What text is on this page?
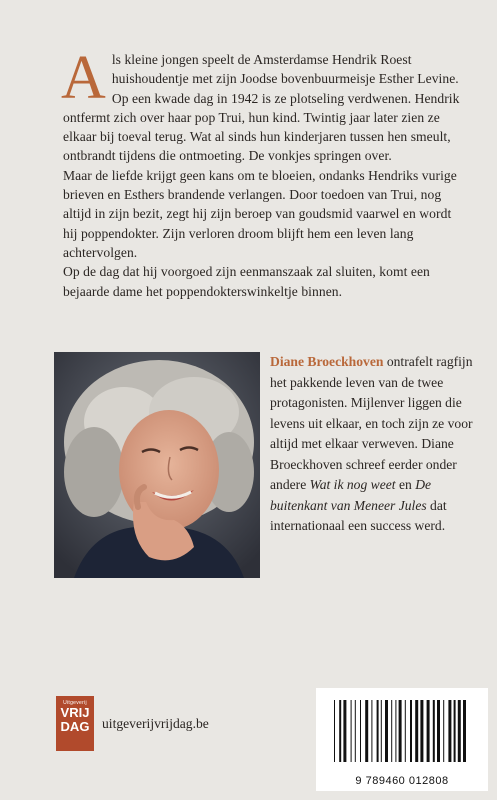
Als kleine jongen speelt de Amsterdamse Hendrik Roest huishoudentje met zijn Joodse bovenbuurmeisje Esther Levine. Op een kwade dag in 1942 is ze plotseling verdwenen. Hendrik ontfermt zich over haar pop Trui, hun kind. Twintig jaar later zien ze elkaar bij toeval terug. Wat al sinds hun kinderjaren tussen hen smeult, ontbrandt tijdens die ontmoeting. De vonkjes springen over.

Maar de liefde krijgt geen kans om te bloeien, ondanks Hendriks vurige brieven en Esthers brandende verlangen. Door toedoen van Trui, nog altijd in zijn bezit, zegt hij zijn beroep van goudsmid vaarwel en wordt hij poppendokter. Zijn verloren droom blijft hem een leven lang achtervolgen.

Op de dag dat hij voorgoed zijn eenmanszaak zal sluiten, komt een bejaarde dame het poppendokterswinkeltje binnen.

Diane Broeckhoven ontrafelt ragfijn het pakkende leven van de twee protagonisten. Mijlenver liggen die levens uit elkaar, en toch zijn ze voor altijd met elkaar verweven. Diane Broeckhoven schreef eerder onder andere Wat ik nog weet en De buitenkant van Meneer Jules dat internationaal een success werd.
Uitgeverij
VRIJ
DAG uitgeverijvrijdag.be
9 789460 012808
